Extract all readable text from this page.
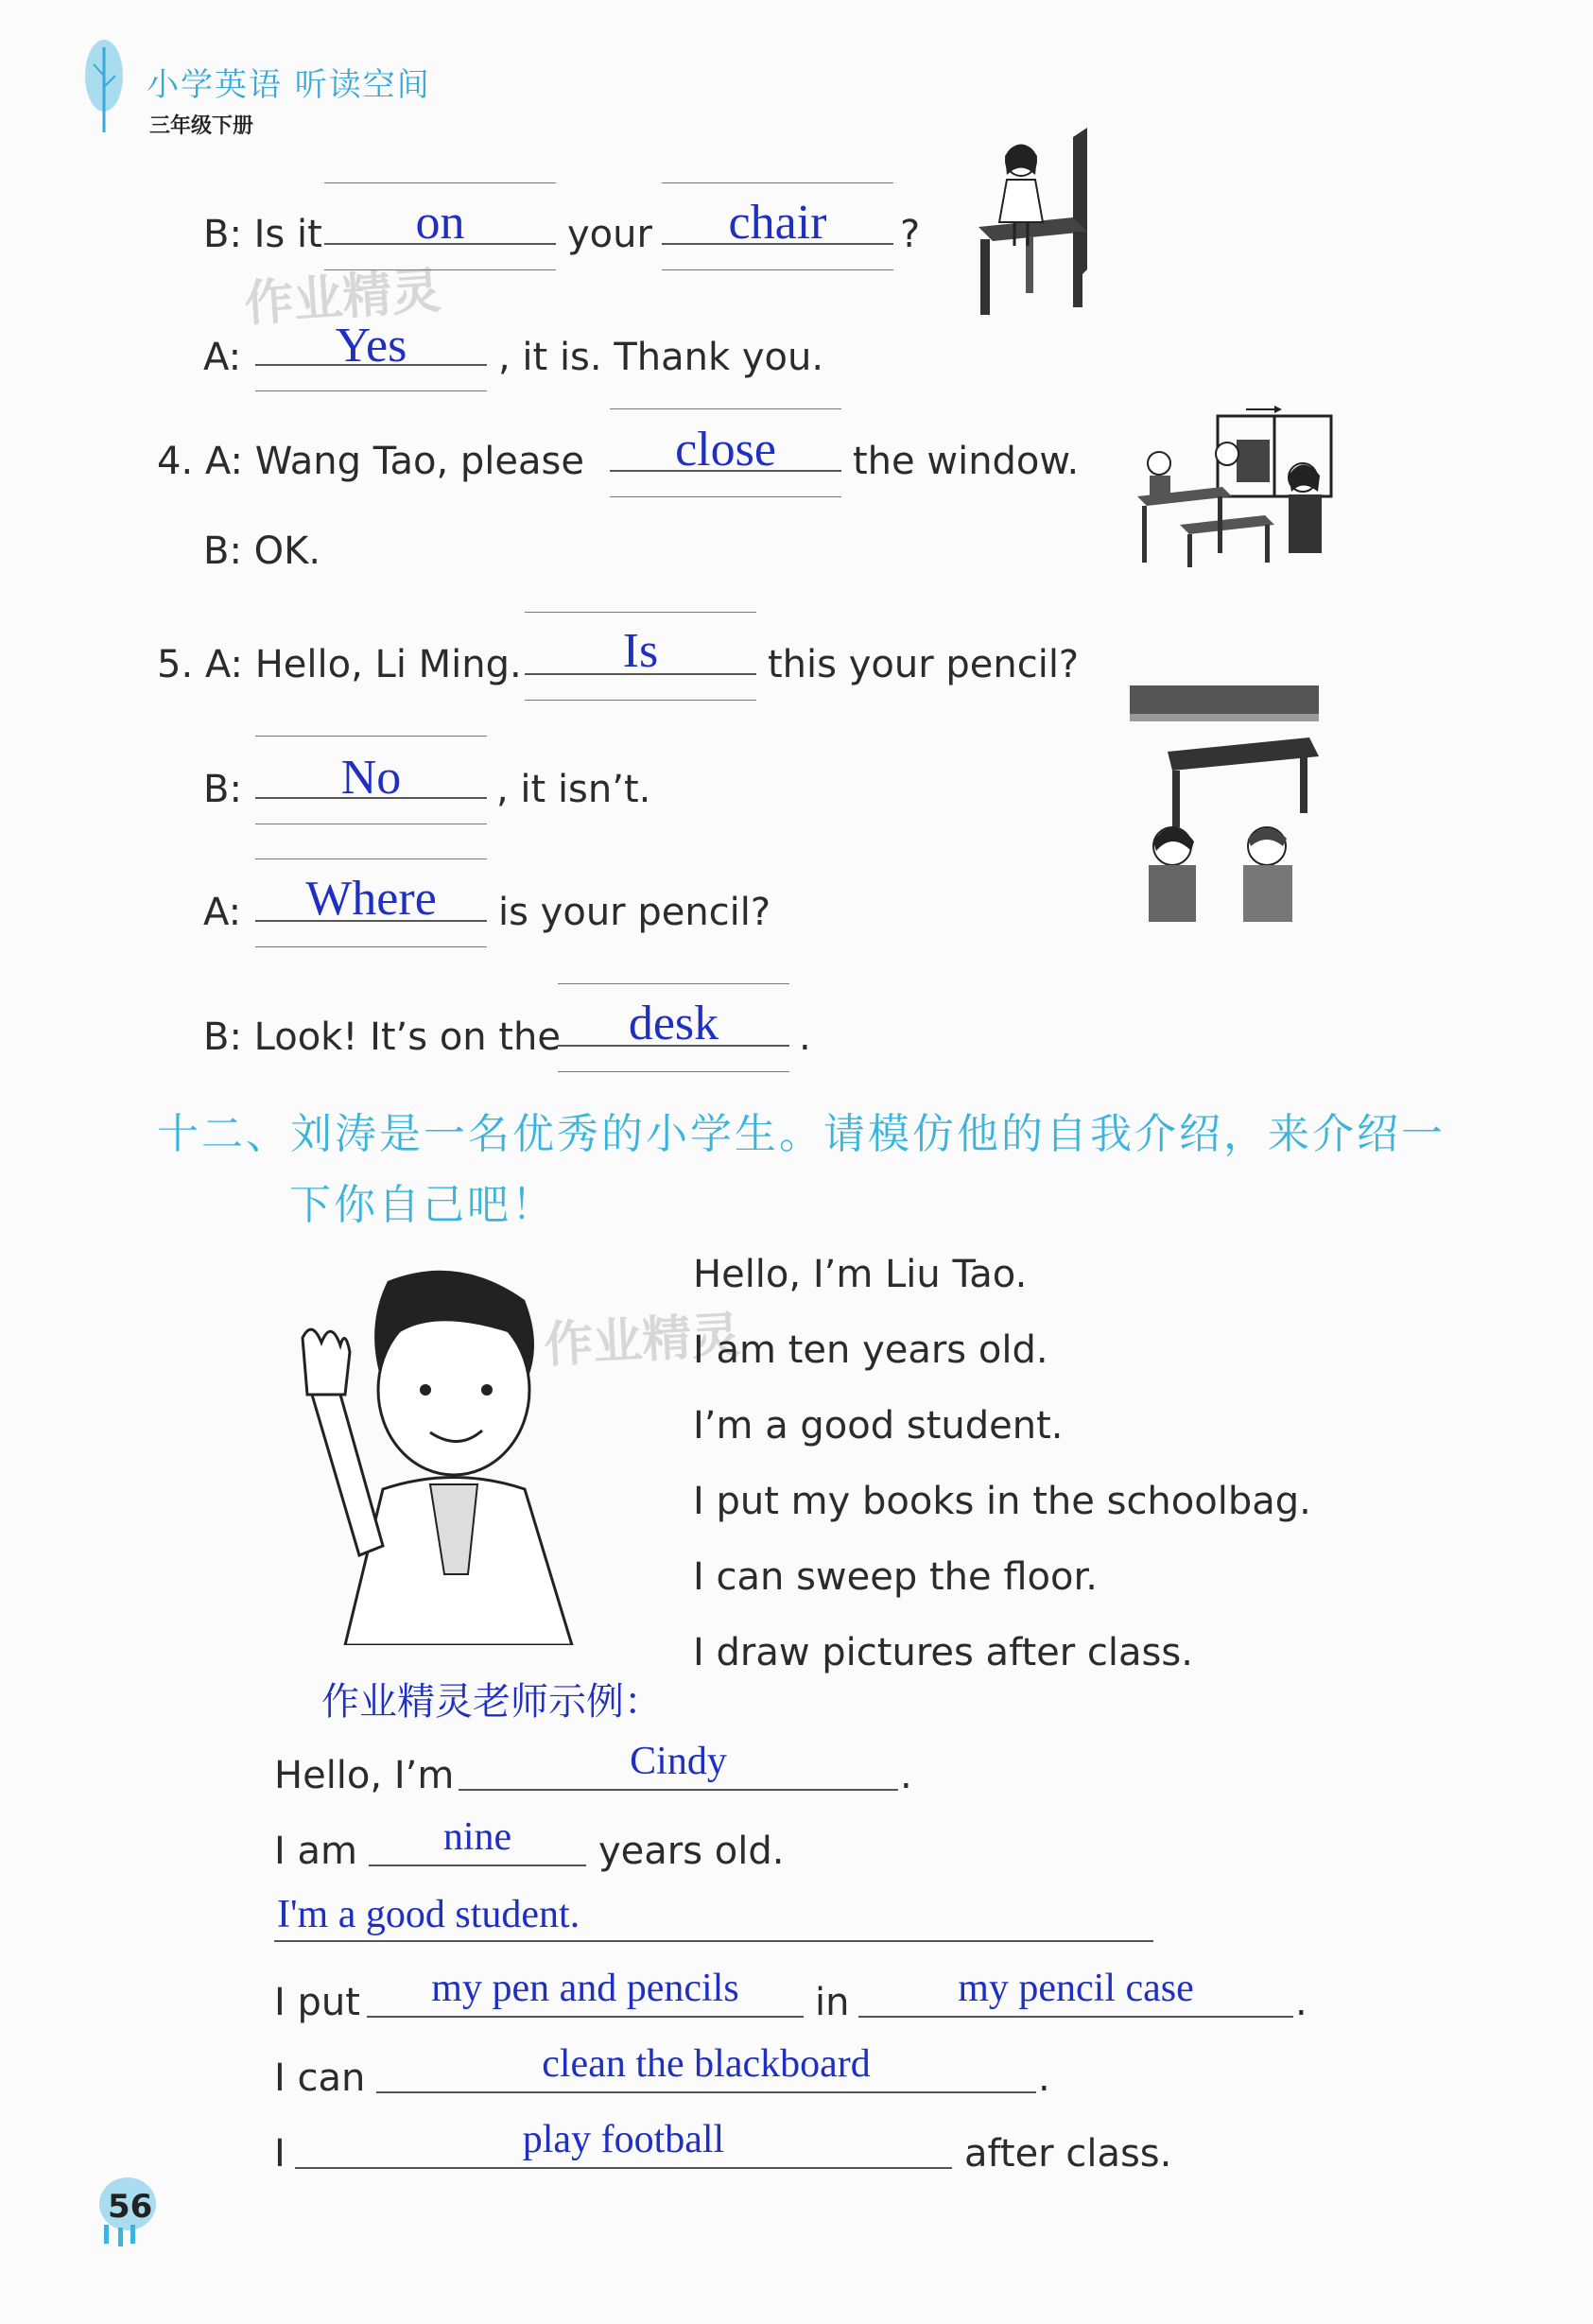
小学英语 听读空间
三年级下册
作业精灵
B: Is it	on	your	chair	?
A:	Yes	, it is. Thank you.
4. A: Wang Tao, please	close	the window.
B: OK.
5. A: Hello, Li Ming.	Is	this your pencil?
B:	No	, it isn’t.
A:	Where	is your pencil?
B: Look! It’s on the	desk	.
十二、刘涛是一名优秀的小学生。请模仿他的自我介绍，来介绍一
下你自己吧！
作业精灵
Hello, I’m Liu Tao.
I am ten years old.
I’m a good student.
I put my books in the schoolbag.
I can sweep the floor.
I draw pictures after class.
作业精灵老师示例：
Hello, I’m	Cindy	.
I am	nine	years old.
I'm a good student.
I put	my pen and pencils	in	my pencil case	.
I can	clean the blackboard	.
I	play football	after class.
56
